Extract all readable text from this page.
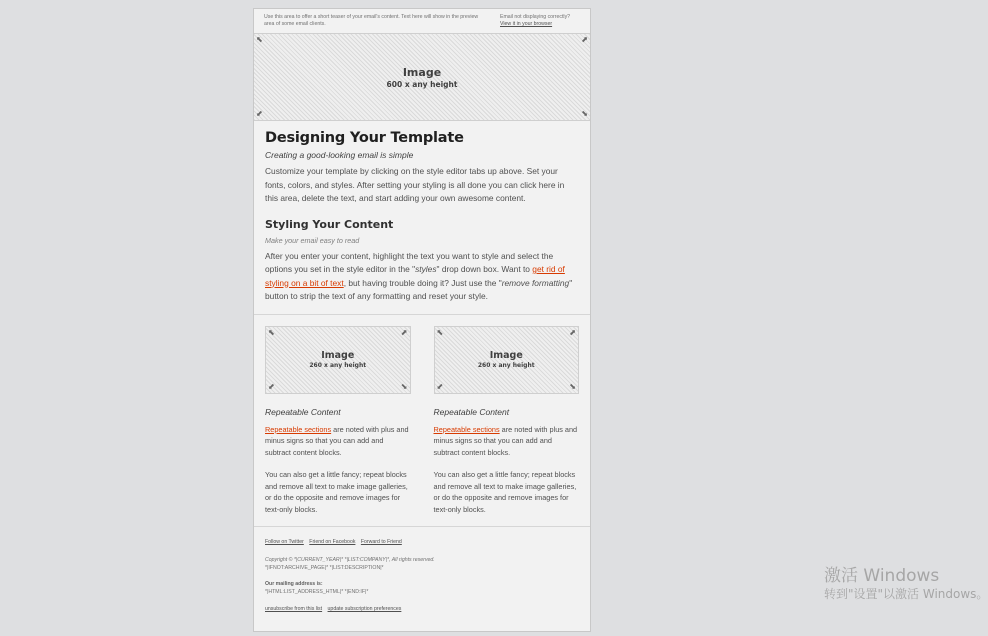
Use this area to offer a short teaser of your email's content. Text here will show in the preview area of some email clients.
Email not displaying correctly?
View it in your browser
⬉	⬈
⬋	⬊
Image
600 x any height
Designing Your Template
Creating a good-looking email is simple

Customize your template by clicking on the style editor tabs up above. Set your fonts, colors, and styles. After setting your styling is all done you can click here in this area, delete the text, and start adding your own awesome content.

Styling Your Content
Make your email easy to read

After you enter your content, highlight the text you want to style and select the options you set in the style editor in the "styles" drop down box. Want to get rid of styling on a bit of text, but having trouble doing it? Just use the "remove formatting" button to strip the text of any formatting and reset your style.

⬉	⬈
⬋	⬊
Image
260 x any height
Repeatable Content

Repeatable sections are noted with plus and minus signs so that you can add and subtract content blocks.

You can also get a little fancy; repeat blocks and remove all text to make image galleries, or do the opposite and remove images for text-only blocks.

⬉	⬈
⬋	⬊
Image
260 x any height
Repeatable Content

Repeatable sections are noted with plus and minus signs so that you can add and subtract content blocks.

You can also get a little fancy; repeat blocks and remove all text to make image galleries, or do the opposite and remove images for text-only blocks.

Follow on Twitter Friend on Facebook Forward to Friend
Copyright © *|CURRENT_YEAR|* *|LIST:COMPANY|*, All rights reserved.
*|IFNOT:ARCHIVE_PAGE|* *|LIST:DESCRIPTION|*
Our mailing address is:
*|HTML:LIST_ADDRESS_HTML|* *|END:IF|*
unsubscribe from this list update subscription preferences
激活 Windows
转到"设置"以激活 Windows。
